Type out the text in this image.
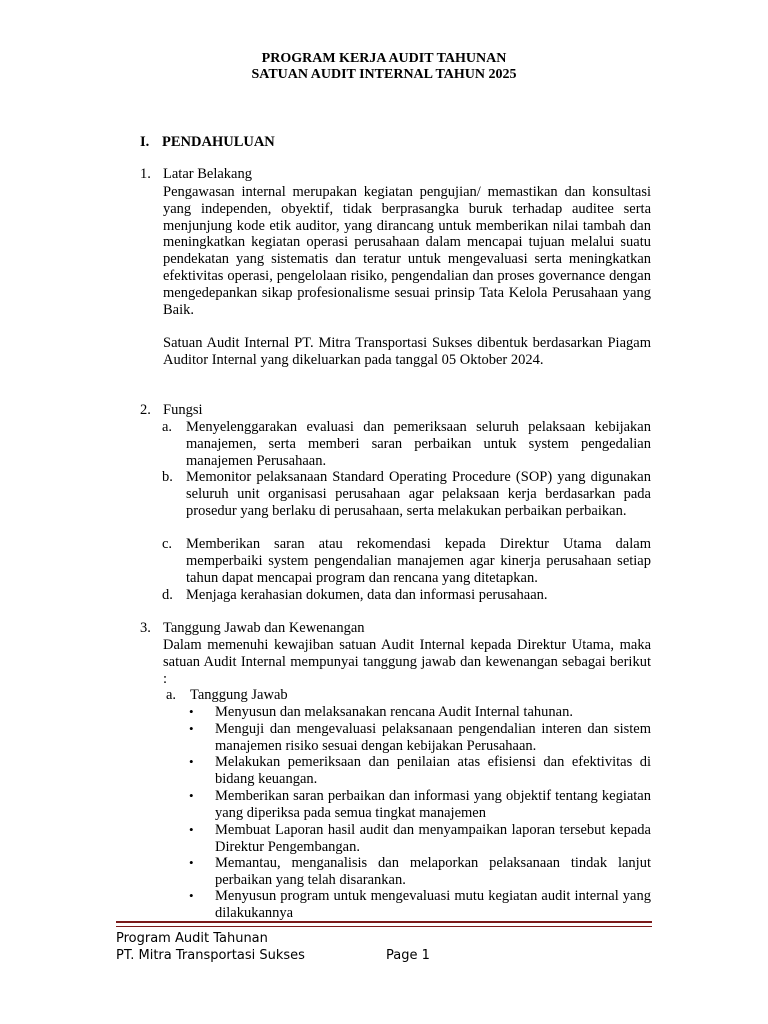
PROGRAM KERJA AUDIT TAHUNAN
SATUAN AUDIT INTERNAL TAHUN 2025
I. PENDAHULUAN
1. Latar Belakang
Pengawasan internal merupakan kegiatan pengujian/ memastikan dan konsultasi yang independen, obyektif, tidak berprasangka buruk terhadap auditee serta menjunjung kode etik auditor, yang dirancang untuk memberikan nilai tambah dan meningkatkan kegiatan operasi perusahaan dalam mencapai tujuan melalui suatu pendekatan yang sistematis dan teratur untuk mengevaluasi serta meningkatkan efektivitas operasi, pengelolaan risiko, pengendalian dan proses governance dengan mengedepankan sikap profesionalisme sesuai prinsip Tata Kelola Perusahaan yang Baik.
Satuan Audit Internal PT. Mitra Transportasi Sukses dibentuk berdasarkan Piagam Auditor Internal yang dikeluarkan pada tanggal 05 Oktober 2024.
2. Fungsi
a. Menyelenggarakan evaluasi dan pemeriksaan seluruh pelaksaan kebijakan manajemen, serta memberi saran perbaikan untuk system pengedalian manajemen Perusahaan.
b. Memonitor pelaksanaan Standard Operating Procedure (SOP) yang digunakan seluruh unit organisasi perusahaan agar pelaksaan kerja berdasarkan pada prosedur yang berlaku di perusahaan, serta melakukan perbaikan perbaikan.
c. Memberikan saran atau rekomendasi kepada Direktur Utama dalam memperbaiki system pengendalian manajemen agar kinerja perusahaan setiap tahun dapat mencapai program dan rencana yang ditetapkan.
d. Menjaga kerahasian dokumen, data dan informasi perusahaan.
3. Tanggung Jawab dan Kewenangan
Dalam memenuhi kewajiban satuan Audit Internal kepada Direktur Utama, maka satuan Audit Internal mempunyai tanggung jawab dan kewenangan sebagai berikut :
a. Tanggung Jawab
• Menyusun dan melaksanakan rencana Audit Internal tahunan.
• Menguji dan mengevaluasi pelaksanaan pengendalian interen dan sistem manajemen risiko sesuai dengan kebijakan Perusahaan.
• Melakukan pemeriksaan dan penilaian atas efisiensi dan efektivitas di bidang keuangan.
• Memberikan saran perbaikan dan informasi yang objektif tentang kegiatan yang diperiksa pada semua tingkat manajemen
• Membuat Laporan hasil audit dan menyampaikan laporan tersebut kepada Direktur Pengembangan.
• Memantau, menganalisis dan melaporkan pelaksanaan tindak lanjut perbaikan yang telah disarankan.
• Menyusun program untuk mengevaluasi mutu kegiatan audit internal yang dilakukannya
Program Audit Tahunan
PT. Mitra Transportasi Sukses	Page 1
